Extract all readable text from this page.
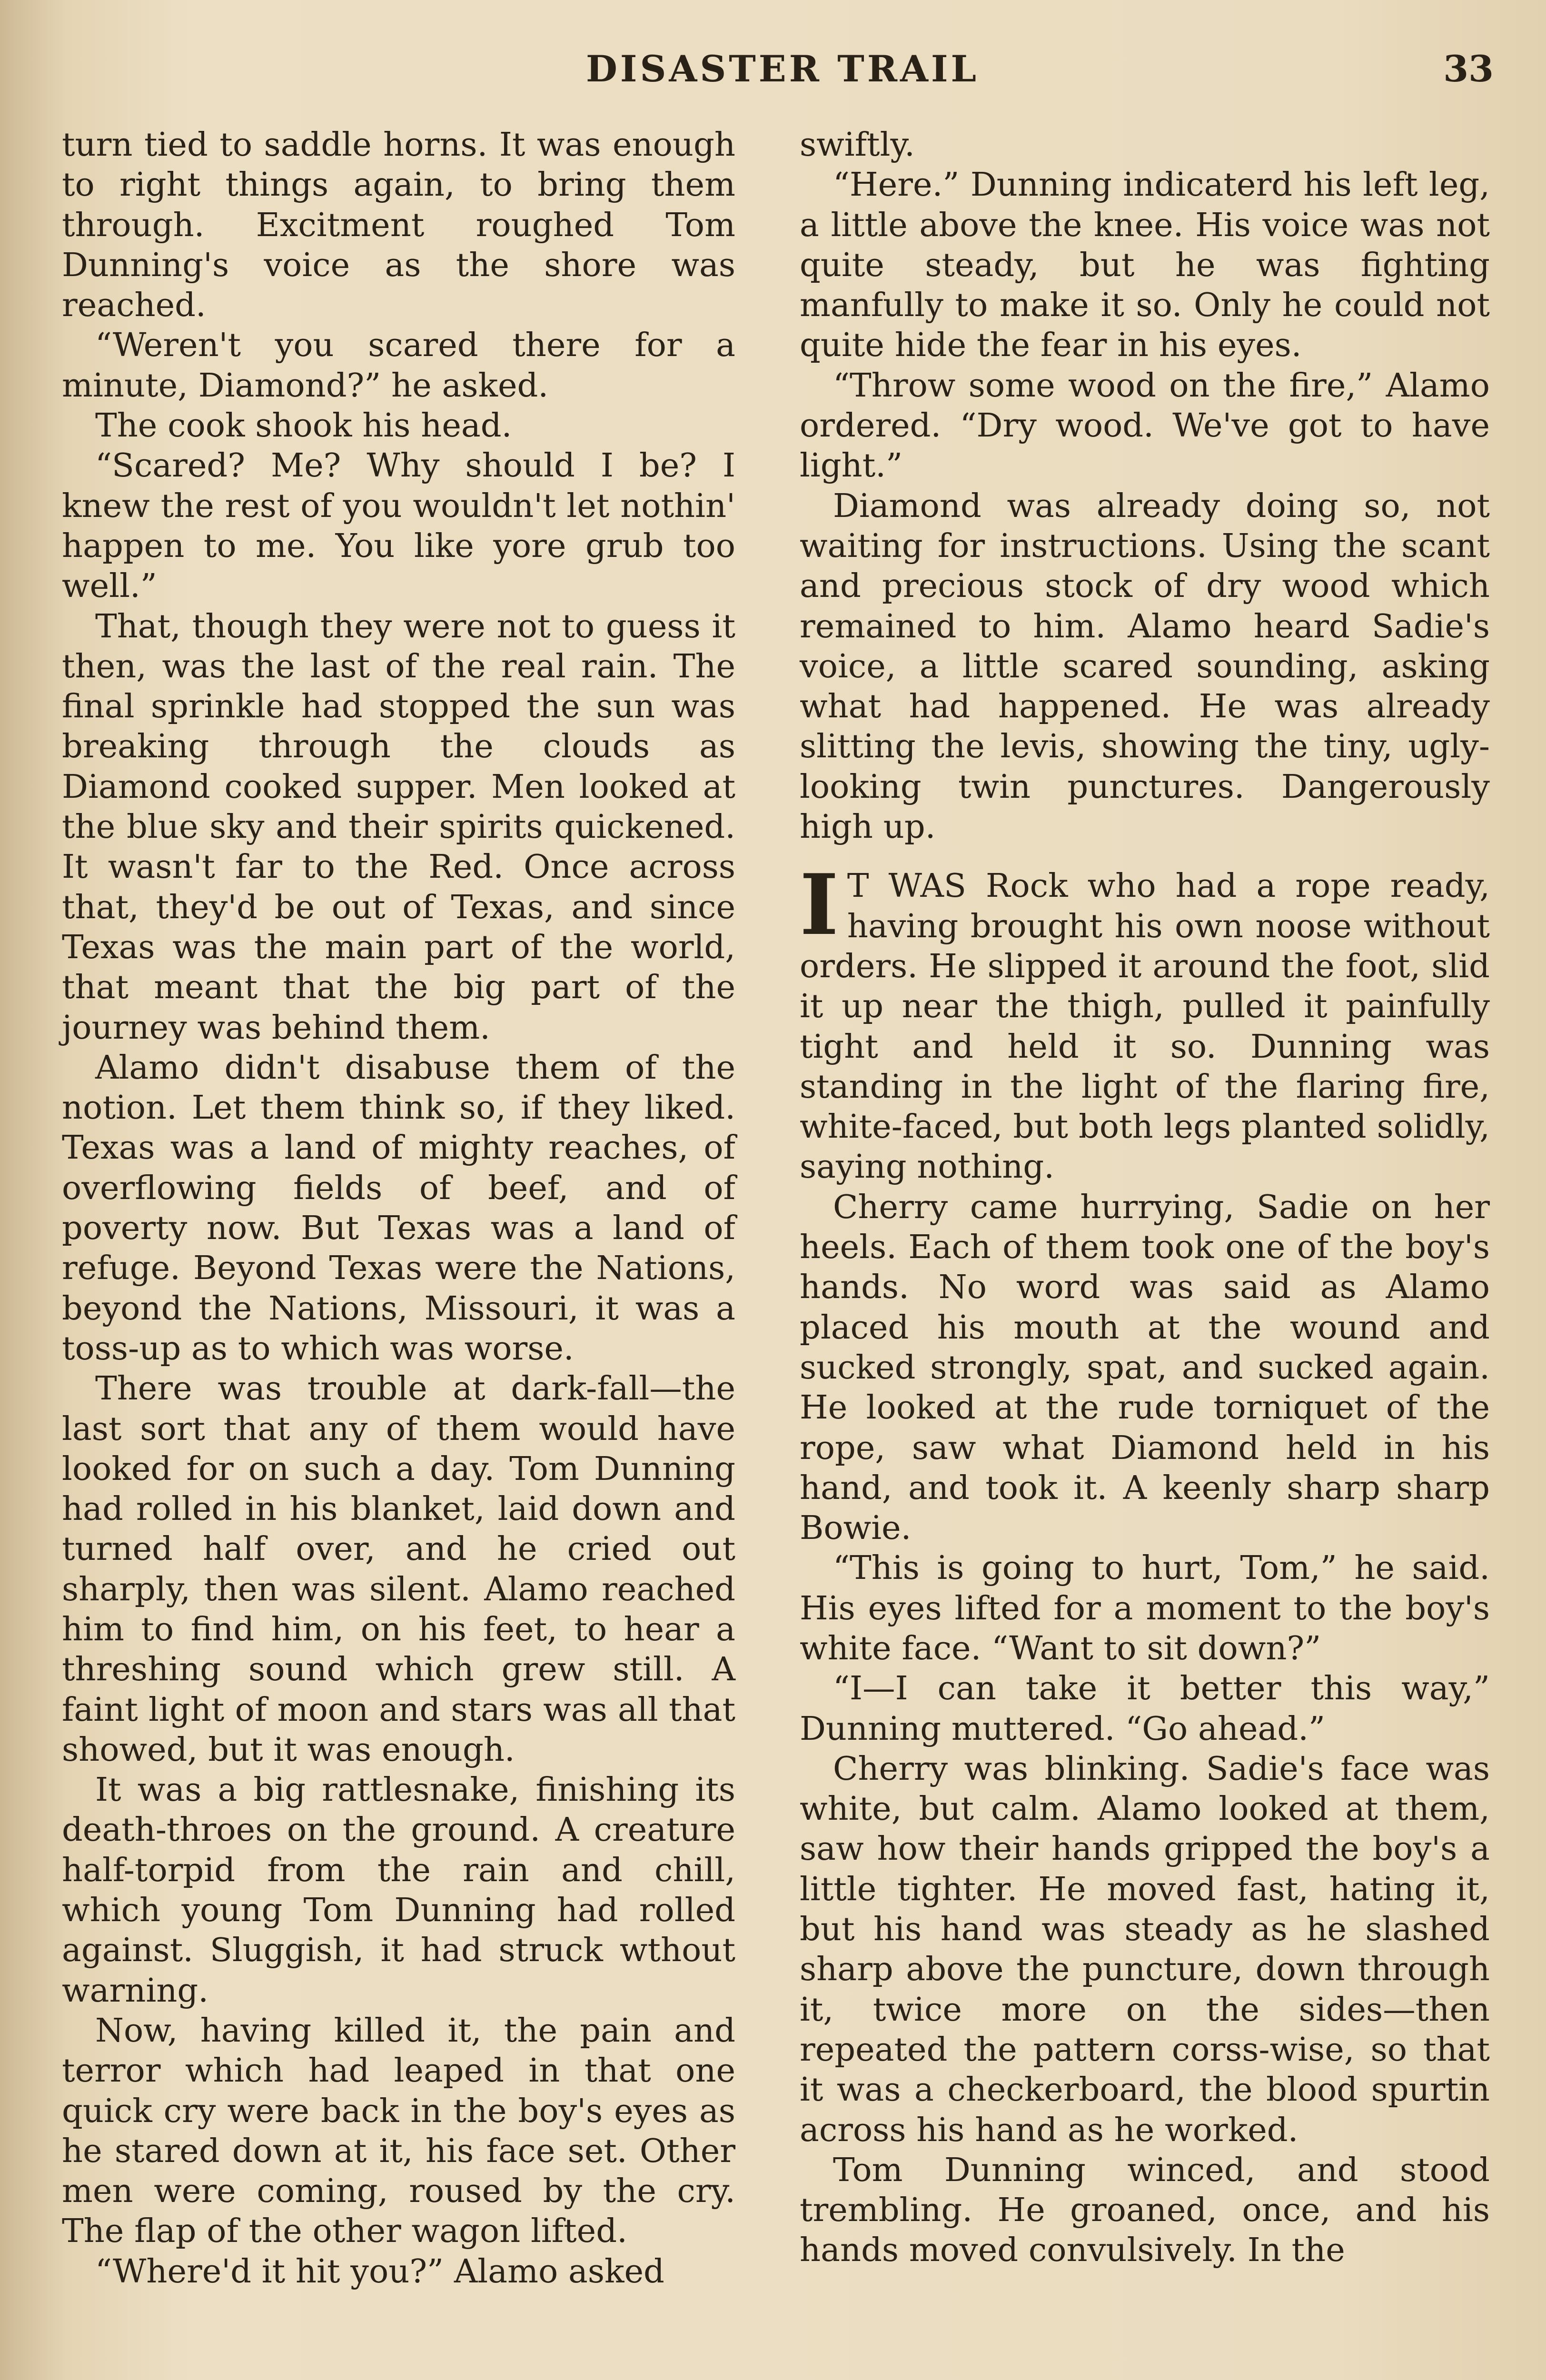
DISASTER TRAIL	33

turn tied to saddle horns. It was enough to right things again, to bring them through. Excitment roughed Tom Dunning's voice as the shore was reached.

“Weren't you scared there for a minute, Diamond?” he asked.

The cook shook his head.

“Scared? Me? Why should I be? I knew the rest of you wouldn't let nothin' happen to me. You like yore grub too well.”

That, though they were not to guess it then, was the last of the real rain. The final sprinkle had stopped the sun was breaking through the clouds as Diamond cooked supper. Men looked at the blue sky and their spirits quickened. It wasn't far to the Red. Once across that, they'd be out of Texas, and since Texas was the main part of the world, that meant that the big part of the journey was behind them.

Alamo didn't disabuse them of the notion. Let them think so, if they liked. Texas was a land of mighty reaches, of overflowing fields of beef, and of poverty now. But Texas was a land of refuge. Beyond Texas were the Nations, beyond the Nations, Missouri, it was a toss-up as to which was worse.

There was trouble at dark-fall—the last sort that any of them would have looked for on such a day. Tom Dunning had rolled in his blanket, laid down and turned half over, and he cried out sharply, then was silent. Alamo reached him to find him, on his feet, to hear a threshing sound which grew still. A faint light of moon and stars was all that showed, but it was enough.

It was a big rattlesnake, finishing its death-throes on the ground. A creature half-torpid from the rain and chill, which young Tom Dunning had rolled against. Sluggish, it had struck wthout warning.

Now, having killed it, the pain and terror which had leaped in that one quick cry were back in the boy's eyes as he stared down at it, his face set. Other men were coming, roused by the cry. The flap of the other wagon lifted.

“Where'd it hit you?” Alamo asked

swiftly.

“Here.” Dunning indicaterd his left leg, a little above the knee. His voice was not quite steady, but he was fighting manfully to make it so. Only he could not quite hide the fear in his eyes.

“Throw some wood on the fire,” Alamo ordered. “Dry wood. We've got to have light.”

Diamond was already doing so, not waiting for instructions. Using the scant and precious stock of dry wood which remained to him. Alamo heard Sadie's voice, a little scared sounding, asking what had happened. He was already slitting the levis, showing the tiny, ugly-looking twin punctures. Dangerously high up.

I T WAS Rock who had a rope ready, having brought his own noose without orders. He slipped it around the foot, slid it up near the thigh, pulled it painfully tight and held it so. Dunning was standing in the light of the flaring fire, white-faced, but both legs planted solidly, saying nothing.

Cherry came hurrying, Sadie on her heels. Each of them took one of the boy's hands. No word was said as Alamo placed his mouth at the wound and sucked strongly, spat, and sucked again. He looked at the rude torniquet of the rope, saw what Diamond held in his hand, and took it. A keenly sharp sharp Bowie.

“This is going to hurt, Tom,” he said. His eyes lifted for a moment to the boy's white face. “Want to sit down?”

“I—I can take it better this way,” Dunning muttered. “Go ahead.”

Cherry was blinking. Sadie's face was white, but calm. Alamo looked at them, saw how their hands gripped the boy's a little tighter. He moved fast, hating it, but his hand was steady as he slashed sharp above the puncture, down through it, twice more on the sides—then repeated the pattern corss-wise, so that it was a checkerboard, the blood spurtin across his hand as he worked.

Tom Dunning winced, and stood trembling. He groaned, once, and his hands moved convulsively. In the
